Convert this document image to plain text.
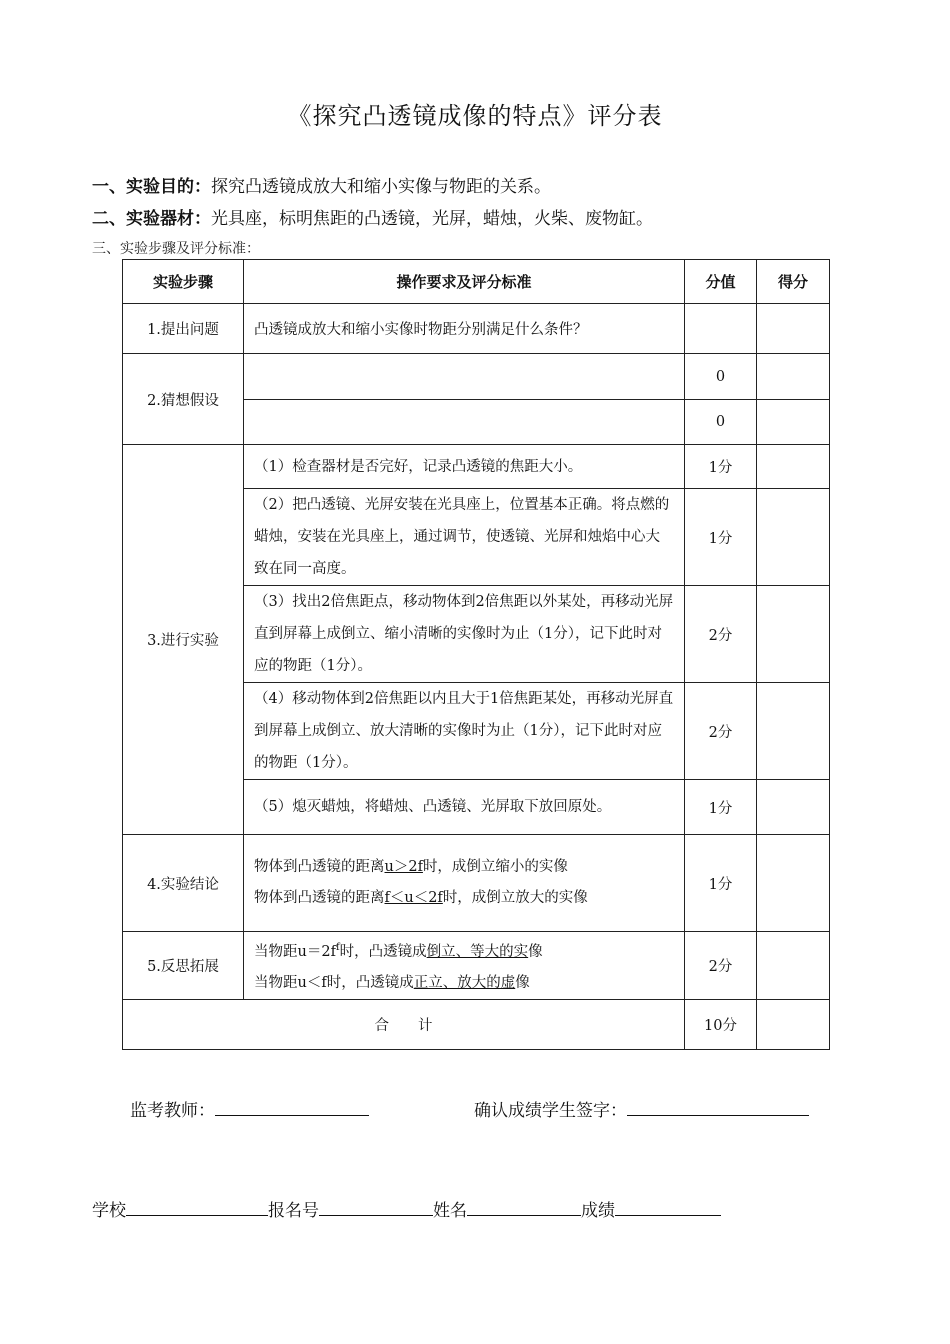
《探究凸透镜成像的特点》评分表
一、实验目的：探究凸透镜成放大和缩小实像与物距的关系。
二、实验器材：光具座，标明焦距的凸透镜，光屏，蜡烛，火柴、废物缸。
三、实验步骤及评分标准：
实验步骤	操作要求及评分标准	分值	得分
1.提出问题	凸透镜成放大和缩小实像时物距分别满足什么条件？		
2.猜想假设		0	
		0	
3.进行实验	（1）检查器材是否完好，记录凸透镜的焦距大小。	1分	
	（2）把凸透镜、光屏安装在光具座上，位置基本正确。将点燃的蜡烛，安装在光具座上，通过调节，使透镜、光屏和烛焰中心大致在同一高度。	1分	
	（3）找出2倍焦距点，移动物体到2倍焦距以外某处，再移动光屏直到屏幕上成倒立、缩小清晰的实像时为止（1分），记下此时对应的物距（1分）。	2分	
	（4）移动物体到2倍焦距以内且大于1倍焦距某处，再移动光屏直到屏幕上成倒立、放大清晰的实像时为止（1分），记下此时对应的物距（1分）。	2分	
	（5）熄灭蜡烛，将蜡烛、凸透镜、光屏取下放回原处。	1分	
4.实验结论	物体到凸透镜的距离u＞2f时，成倒立缩小的实像
物体到凸透镜的距离f＜u＜2f时，成倒立放大的实像	1分	
5.反思拓展	当物距$u=2f^f$时，凸透镜成倒立、等大的实像
当物距u＜f时，凸透镜成正立、放大的虚像	2分	
合　　计		10分	
监考教师：	确认成绩学生签字：
学校	报名号	姓名	成绩
